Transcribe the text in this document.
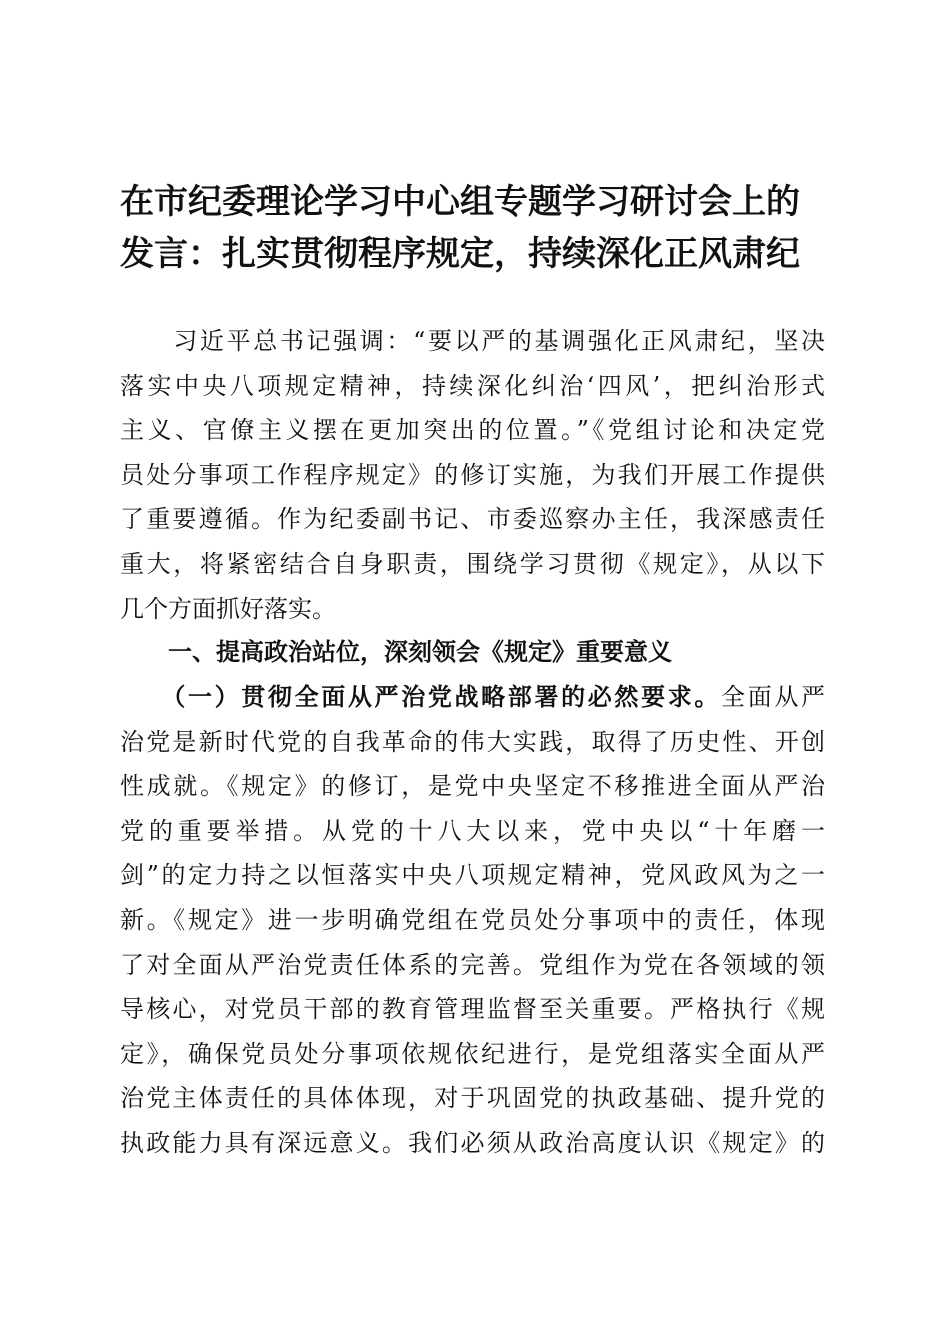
在市纪委理论学习中心组专题学习研讨会上的
发言：扎实贯彻程序规定，持续深化正风肃纪
　　习近平总书记强调：“要以严的基调强化正风肃纪，坚决
落实中央八项规定精神，持续深化纠治‘四风’，把纠治形式
主义、官僚主义摆在更加突出的位置。”《党组讨论和决定党
员处分事项工作程序规定》的修订实施，为我们开展工作提供
了重要遵循。作为纪委副书记、市委巡察办主任，我深感责任
重大，将紧密结合自身职责，围绕学习贯彻《规定》，从以下
几个方面抓好落实。
一、提高政治站位，深刻领会《规定》重要意义
　　（一）贯彻全面从严治党战略部署的必然要求。全面从严
治党是新时代党的自我革命的伟大实践，取得了历史性、开创
性成就。《规定》的修订，是党中央坚定不移推进全面从严治
党的重要举措。从党的十八大以来，党中央以“十年磨一
剑”的定力持之以恒落实中央八项规定精神，党风政风为之一
新。《规定》进一步明确党组在党员处分事项中的责任，体现
了对全面从严治党责任体系的完善。党组作为党在各领域的领
导核心，对党员干部的教育管理监督至关重要。严格执行《规
定》，确保党员处分事项依规依纪进行，是党组落实全面从严
治党主体责任的具体体现，对于巩固党的执政基础、提升党的
执政能力具有深远意义。我们必须从政治高度认识《规定》的
